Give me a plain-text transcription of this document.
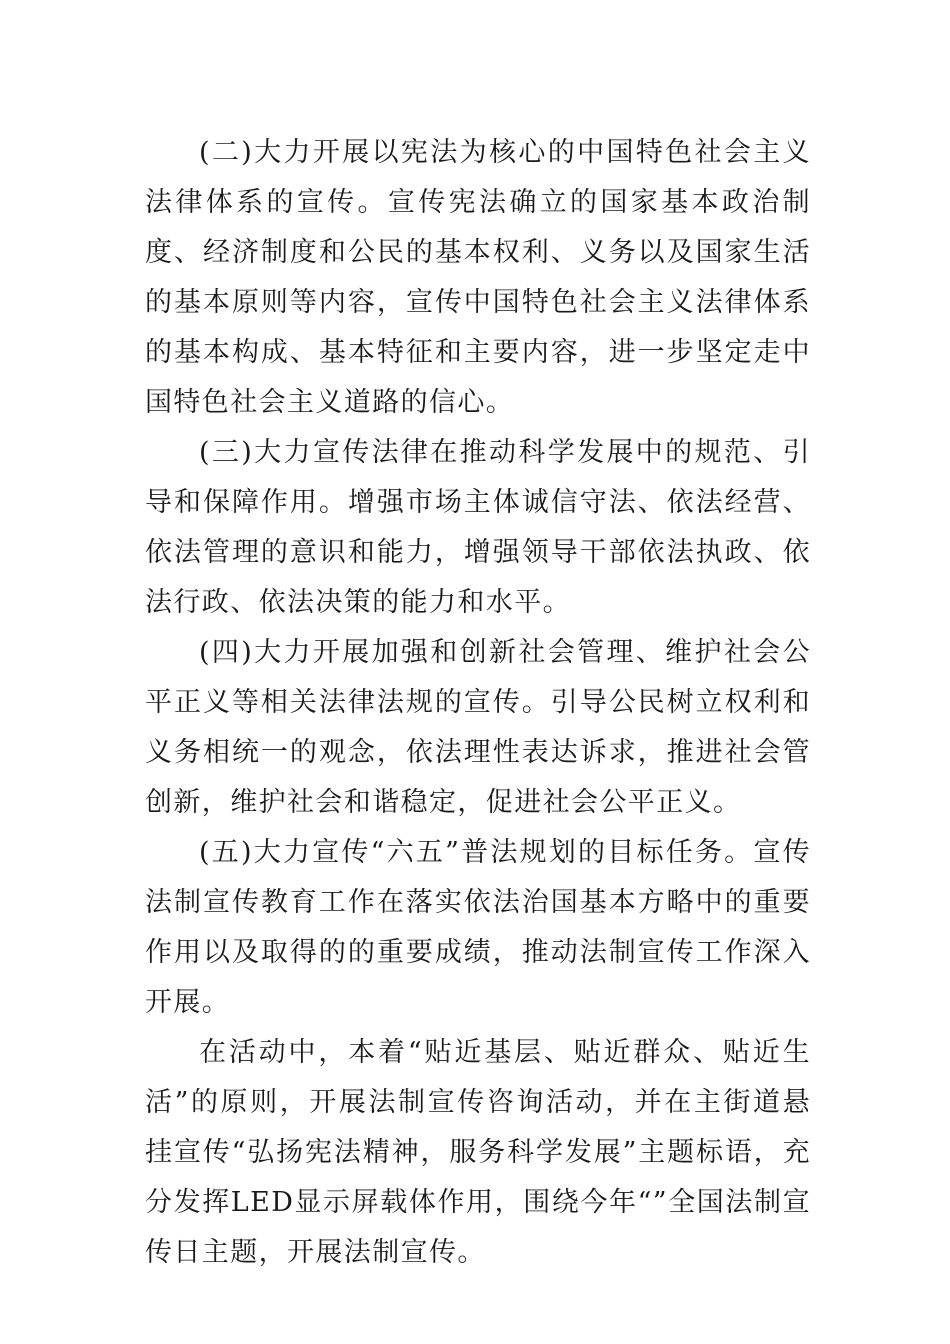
(二)大力开展以宪法为核心的中国特色社会主义法律体系的宣传。宣传宪法确立的国家基本政治制度、经济制度和公民的基本权利、义务以及国家生活的基本原则等内容，宣传中国特色社会主义法律体系的基本构成、基本特征和主要内容，进一步坚定走中国特色社会主义道路的信心。

(三)大力宣传法律在推动科学发展中的规范、引导和保障作用。增强市场主体诚信守法、依法经营、依法管理的意识和能力，增强领导干部依法执政、依法行政、依法决策的能力和水平。

(四)大力开展加强和创新社会管理、维护社会公平正义等相关法律法规的宣传。引导公民树立权利和义务相统一的观念，依法理性表达诉求，推进社会管创新，维护社会和谐稳定，促进社会公平正义。

(五)大力宣传“六五”普法规划的目标任务。宣传法制宣传教育工作在落实依法治国基本方略中的重要作用以及取得的的重要成绩，推动法制宣传工作深入开展。

在活动中，本着“贴近基层、贴近群众、贴近生活”的原则，开展法制宣传咨询活动，并在主街道悬挂宣传“弘扬宪法精神，服务科学发展”主题标语，充分发挥LED显示屏载体作用，围绕今年“”全国法制宣传日主题，开展法制宣传。
